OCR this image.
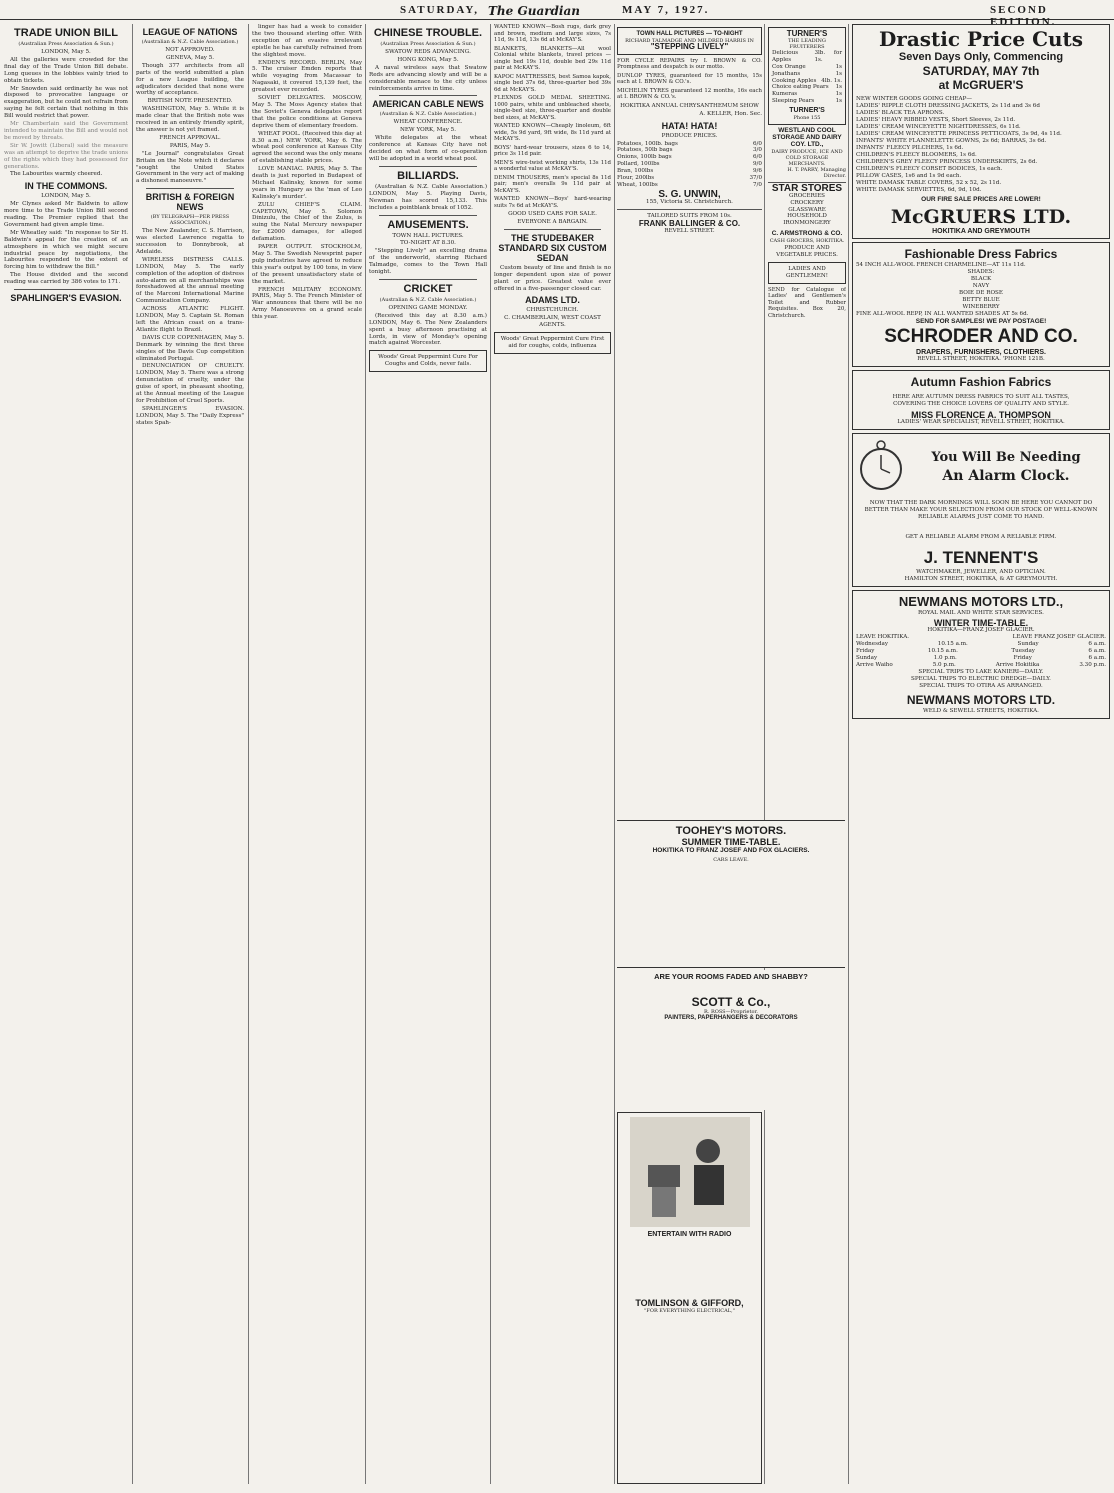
SATURDAY, The Guardian	MAY 7, 1927.	SECOND EDITION.
TRADE UNION BILL
(Australian Press Association & Sun.)
LONDON, May 5.

All the galleries were crowded for the final day of the Trade Union Bill debate. Long queues in the lobbies vainly tried to obtain tickets.

Mr Snowden said ordinarily he was not disposed to provocative language or exaggeration, but he could not refrain from saying he felt certain that nothing in this Bill would restrict that power.

Mr Chamberlain said the Government intended to maintain the Bill and would not be moved by threats.

Sir W. Jowitt (Liberal) said the measure was an attempt to deprive the trade unions of the rights which they had possessed for generations.

The Labourites warmly cheered.

IN THE COMMONS.
LONDON, May 5.

Mr Clynes asked Mr Baldwin to allow more time to the Trade Union Bill second reading. The Premier replied that the Government had given ample time.

Mr Wheatley said: "In response to Sir H. Baldwin's appeal for the creation of an atmosphere in which we might secure industrial peace by negotiations, the Labourites responded to the extent of forcing him to withdraw the Bill."

The House divided and the second reading was carried by 386 votes to 171.

SPAHLINGER'S EVASION.
LEAGUE OF NATIONS
(Australian & N.Z. Cable Association.)
NOT APPROVED.
GENEVA, May 5.

Though 377 architects from all parts of the world submitted a plan for a new League building, the adjudicators decided that none were worthy of acceptance.

BRITISH NOTE PRESENTED.

WASHINGTON, May 5. While it is made clear that the British note was received in an entirely friendly spirit, the answer is not yet framed.

FRENCH APPROVAL.
PARIS, May 5.

"Le Journal" congratulates Great Britain on the Note which it declares "sought the United States Government in the very act of making a dishonest manoeuvre."

BRITISH & FOREIGN NEWS
(BY TELEGRAPH—PER PRESS ASSOCIATION.)

The New Zealander, C. S. Harrison, was elected Lawrence regatta to succession to Donnybrook, at Adelaide.

WIRELESS DISTRESS CALLS. LONDON, May 5. The early completion of the adoption of distress auto-alarm on all merchantships was foreshadowed at the annual meeting of the Marconi International Marine Communication Company.

ACROSS ATLANTIC FLIGHT. LONDON, May 5. Captain St. Roman left the African coast on a trans-Atlantic flight to Brazil.

DAVIS CUP. COPENHAGEN, May 5. Denmark by winning the first three singles of the Davis Cup competition eliminated Portugal.

DENUNCIATION OF CRUELTY. LONDON, May 5. There was a strong denunciation of cruelty, under the guise of sport, in pheasant shooting, at the Annual meeting of the League for Prohibition of Cruel Sports.

SPAHLINGER'S EVASION. LONDON, May 5. The "Daily Express" states Spah-

linger has had a week to consider the two thousand sterling offer. With exception of an evasive irrelevant epistle he has carefully refrained from the slightest move.

ENDEN'S RECORD. BERLIN, May 5. The cruiser Emden reports that while voyaging from Macassar to Nagasaki, it covered 15,139 feet, the greatest ever recorded.

SOVIET DELEGATES. MOSCOW, May 5. The Moss Agency states that the Soviet's Geneva delegates report that the police conditions at Geneva deprive them of elementary freedom.

WHEAT POOL. (Received this day at 8.30 a.m.) NEW YORK, May 6. The wheat pool conference at Kansas City agreed the second was the only means of establishing stable prices.

LOVE MANIAC. PARIS, May 5. The death is just reported in Budapest of Michael Kalinsky, known for some years in Hungary as the 'man of Leo Kalinsky's murder'.

ZULU CHIEF'S CLAIM. CAPETOWN, May 5. Solomon Dinizulu, the Chief of the Zulus, is suing the Natal Mercury newspaper for £2000 damages, for alleged defamation.

PAPER OUTPUT. STOCKHOLM, May 5. The Swedish Newsprint paper pulp industries have agreed to reduce this year's output by 100 tons, in view of the present unsatisfactory state of the market.

FRENCH MILITARY ECONOMY. PARIS, May 5. The French Minister of War announces that there will be no Army Manoeuvres on a grand scale this year.

CHINESE TROUBLE.
(Australian Press Association & Sun.)
SWATOW REDS ADVANCING.
HONG KONG, May 5.

A naval wireless says that Swatow Reds are advancing slowly and will be a considerable menace to the city unless reinforcements arrive in time.

AMERICAN CABLE NEWS
(Australian & N.Z. Cable Association.)
WHEAT CONFERENCE.
NEW YORK, May 5.

White delegates at the wheat conference at Kansas City have not decided on what form of co-operation will be adopted in a world wheat pool.

BILLIARDS.

(Australian & N.Z. Cable Association.) LONDON, May 5. Playing Davis, Newman has scored 15,133. This includes a pointblank break of 1052.

AMUSEMENTS.
TOWN HALL PICTURES.
TO-NIGHT AT 8.30.

"Stepping Lively" an excelling drama of the underworld, starring Richard Talmadge, comes to the Town Hall tonight.

CRICKET
(Australian & N.Z. Cable Association.)
OPENING GAME MONDAY.

(Received this day at 8.30 a.m.) LONDON, May 6. The New Zealanders spent a busy afternoon practising at Lords, in view of Monday's opening match against Worcester.

Woods' Great Peppermint Cure For Coughs and Colds, never fails.

WANTED KNOWN—Bosh rugs, dark grey and brown, medium and large sizes, 7s 11d, 9s 11d, 13s 6d at McKAY'S.

BLANKETS, BLANKETS—All wool Colonial white blankets, travel prices — single bed 19s 11d, double bed 29s 11d pair at McKAY'S.

KAPOC MATTRESSES, best Samoa kapok, single bed 37s 6d, three-quarter bed 39s 6d at McKAY'S.

FLEXNDS GOLD MEDAL SHEETING. 1000 pairs, white and unbleached sheets, single-bed size, three-quarter and double bed sizes, at McKAY'S.

WANTED KNOWN—Cheaply linoleum, 6ft wide, 5s 9d yard, 9ft wide, 8s 11d yard at McKAY'S.

BOYS' hard-wear trousers, sizes 6 to 14, price 3s 11d pair.

MEN'S wire-twist working shirts, 13s 11d a wonderful value at McKAY'S.

DENIM TROUSERS, men's special 8s 11d pair; men's overalls 9s 11d pair at McKAY'S.

WANTED KNOWN—Boys' hard-wearing suits 7s 6d at McKAY'S.

GOOD USED CARS FOR SALE.
EVERYONE A BARGAIN.
THE STUDEBAKER STANDARD SIX CUSTOM SEDAN

Custom beauty of line and finish is no longer dependent upon size of power plant or price. Greatest value ever offered in a five-passenger closed car.

ADAMS LTD.
CHRISTCHURCH.
C. CHAMBERLAIN, WEST COAST AGENTS.
Woods' Great Peppermint Cure First aid for coughs, colds, influenza
TOWN HALL PICTURES — TO-NIGHT
RICHARD TALMADGE AND MILDRED HARRIS IN
"STEPPING LIVELY"

FOR CYCLE REPAIRS try I. BROWN & CO. Promptness and despatch is our motto.

DUNLOP TYRES, guaranteed for 15 months, 15s each at I. BROWN & CO.'s.

MICHELIN TYRES guaranteed 12 months, 16s each at I. BROWN & CO.'s.

HOKITIKA ANNUAL CHRYSANTHEMUM SHOW
A. KELLER, Hon. Sec.
HATA! HATA!
PRODUCE PRICES.
Potatoes, 100lb. bags	6/0
Potatoes, 50lb bags	3/0
Onions, 100lb bags	6/0
Pollard, 100lbs	9/0
Bran, 100lbs	9/6
Flour, 200lbs	37/0
Wheat, 100lbs	7/0
S. G. UNWIN,
155, Victoria St. Christchurch.
TAILORED SUITS FROM 10s.
FRANK BALLINGER & CO.
REVELL STREET.
TOOHEY'S MOTORS.
SUMMER TIME-TABLE.
HOKITIKA TO FRANZ JOSEF AND FOX GLACIERS.
CARS LEAVE.
ARE YOUR ROOMS FADED AND SHABBY?
SCOTT & Co.,
R. ROSS—Proprietor.
PAINTERS, PAPERHANGERS & DECORATORS
ENTERTAIN WITH RADIO
TOMLINSON & GIFFORD,
"FOR EVERYTHING ELECTRICAL,"
TURNER'S
THE LEADING FRUITERERS
Delicious Apples
3lb. for 1s.
Cox Orange	1s
Jonathans	1s
Cooking Apples 4lb. 1s.
Choice eating Pears 1s
Kumeras	1s
Sleeping Pears	1s
TURNER'S
Phone 155
WESTLAND COOL STORAGE AND DAIRY COY. LTD.,
DAIRY PRODUCE, ICE AND COLD STORAGE MERCHANTS.
H. T. PARRY, Managing Director.
STAR STORES
GROCERIES
CROCKERY
GLASSWARE
HOUSEHOLD IRONMONGERY
C. ARMSTRONG & CO.
CASH GROCERS, HOKITIKA.
PRODUCE AND VEGETABLE PRICES.
LADIES AND GENTLEMEN!

SEND for Catalogue of Ladies' and Gentlemen's Toilet and Rubber Requisites. Box 20, Christchurch.

Drastic Price Cuts
Seven Days Only, Commencing
SATURDAY, MAY 7th
at McGRUER'S
NEW WINTER GOODS GOING CHEAP—
LADIES' RIPPLE CLOTH DRESSING JACKETS, 2s 11d and 3s 6d
LADIES' BLACK TEA APRONS.
LADIES' HEAVY RIBBED VESTS, Short Sleeves, 2s 11d.
LADIES' CREAM WINCEYETTE NIGHTDRESSES, 6s 11d.
LADIES' CREAM WINCEYETTE PRINCESS PETTICOATS, 3s 9d, 4s 11d.
INFANTS' WHITE FLANNELETTE GOWNS, 2s 6d; BARRAS, 3s 6d.
INFANTS' FLEECY PILCHERS, 1s 6d.
CHILDREN'S FLEECY BLOOMERS, 1s 6d.
CHILDREN'S GREY FLEECY PRINCESS UNDERSKIRTS, 2s 6d.
CHILDREN'S FLEECY CORSET BODICES, 1s each.
PILLOW CASES, 1s6 and 1s 9d each.
WHITE DAMASK TABLE COVERS, 52 x 52, 2s 11d.
WHITE DAMASK SERVIETTES, 6d, 9d, 10d.
OUR FIRE SALE PRICES ARE LOWER!
McGRUERS LTD.
HOKITIKA AND GREYMOUTH
Fashionable Dress Fabrics
54 INCH ALL-WOOL FRENCH CHARMELINE—AT 11s 11d.
SHADES:
BLACK
NAVY
BOIE DE ROSE
BETTY BLUE
WINEBERRY
FINE ALL-WOOL REPP, IN ALL WANTED SHADES AT 5s 6d.
SEND FOR SAMPLES! WE PAY POSTAGE!
SCHRODER AND CO.
DRAPERS, FURNISHERS, CLOTHIERS.
REVELL STREET, HOKITIKA. 'PHONE 121B.
Autumn Fashion Fabrics
HERE ARE AUTUMN DRESS FABRICS TO SUIT ALL TASTES, COVERING THE CHOICE LOVERS OF QUALITY AND STYLE.
MISS FLORENCE A. THOMPSON
LADIES' WEAR SPECIALIST, REVELL STREET, HOKITIKA.
You Will Be Needing
An Alarm Clock.
NOW THAT THE DARK MORNINGS WILL SOON BE HERE YOU CANNOT DO BETTER THAN MAKE YOUR SELECTION FROM OUR STOCK OF WELL-KNOWN RELIABLE ALARMS JUST COME TO HAND.
GET A RELIABLE ALARM FROM A RELIABLE FIRM.
J. TENNENT'S
WATCHMAKER, JEWELLER, AND OPTICIAN.
HAMILTON STREET, HOKITIKA, & AT GREYMOUTH.
NEWMANS MOTORS LTD.,
ROYAL MAIL AND WHITE STAR SERVICES.
WINTER TIME-TABLE.
HOKITIKA—FRANZ JOSEF GLACIER.
LEAVE HOKITIKA.	LEAVE FRANZ JOSEF GLACIER.
Wednesday	10.15 a.m.	Sunday	6 a.m.
Friday	10.15 a.m.	Tuesday	6 a.m.
Sunday	1.0 p.m.	Friday	6 a.m.
Arrive Waiho	5.0 p.m.	Arrive Hokitika	3.30 p.m.
SPECIAL TRIPS TO LAKE KANIERI—DAILY.
SPECIAL TRIPS TO ELECTRIC DREDGE—DAILY.
SPECIAL TRIPS TO OTIRA AS ARRANGED.
NEWMANS MOTORS LTD.
WELD & SEWELL STREETS, HOKITIKA.
